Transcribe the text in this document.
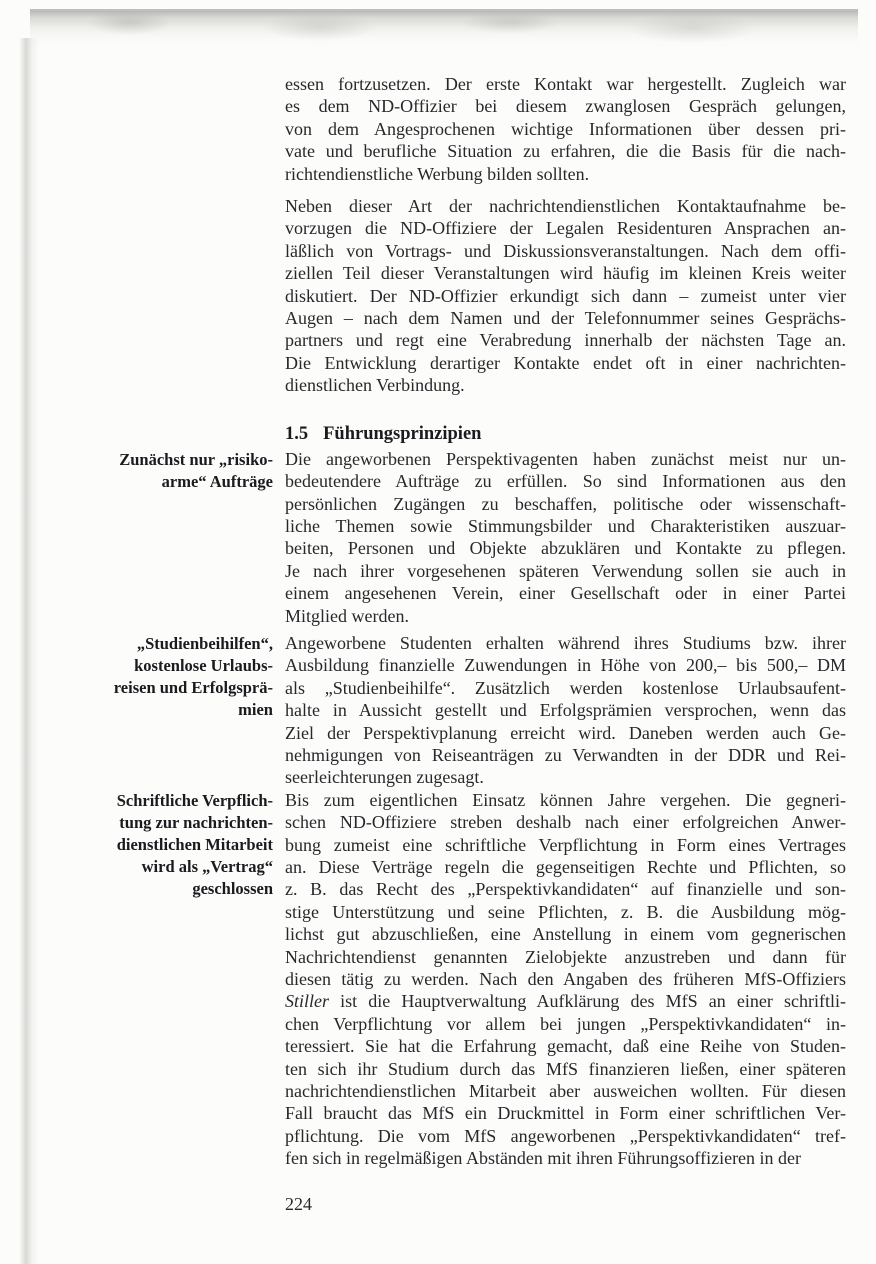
essen fortzusetzen. Der erste Kontakt war hergestellt. Zugleich war
es dem ND-Offizier bei diesem zwanglosen Gespräch gelungen,
von dem Angesprochenen wichtige Informationen über dessen pri-
vate und berufliche Situation zu erfahren, die die Basis für die nach-
richtendienstliche Werbung bilden sollten.
Neben dieser Art der nachrichtendienstlichen Kontaktaufnahme be-
vorzugen die ND-Offiziere der Legalen Residenturen Ansprachen an-
läßlich von Vortrags- und Diskussionsveranstaltungen. Nach dem offi-
ziellen Teil dieser Veranstaltungen wird häufig im kleinen Kreis weiter
diskutiert. Der ND-Offizier erkundigt sich dann – zumeist unter vier
Augen – nach dem Namen und der Telefonnummer seines Gesprächs-
partners und regt eine Verabredung innerhalb der nächsten Tage an.
Die Entwicklung derartiger Kontakte endet oft in einer nachrichten-
dienstlichen Verbindung.
1.5 Führungsprinzipien
Zunächst nur „risiko-
arme“ Aufträge
Die angeworbenen Perspektivagenten haben zunächst meist nur un-
bedeutendere Aufträge zu erfüllen. So sind Informationen aus den
persönlichen Zugängen zu beschaffen, politische oder wissenschaft-
liche Themen sowie Stimmungsbilder und Charakteristiken auszuar-
beiten, Personen und Objekte abzuklären und Kontakte zu pflegen.
Je nach ihrer vorgesehenen späteren Verwendung sollen sie auch in
einem angesehenen Verein, einer Gesellschaft oder in einer Partei
Mitglied werden.
„Studienbeihilfen“,
kostenlose Urlaubs-
reisen und Erfolgsprä-
mien
Angeworbene Studenten erhalten während ihres Studiums bzw. ihrer
Ausbildung finanzielle Zuwendungen in Höhe von 200,– bis 500,– DM
als „Studienbeihilfe“. Zusätzlich werden kostenlose Urlaubsaufent-
halte in Aussicht gestellt und Erfolgsprämien versprochen, wenn das
Ziel der Perspektivplanung erreicht wird. Daneben werden auch Ge-
nehmigungen von Reiseanträgen zu Verwandten in der DDR und Rei-
seerleichterungen zugesagt.
Schriftliche Verpflich-
tung zur nachrichten-
dienstlichen Mitarbeit
wird als „Vertrag“
geschlossen
Bis zum eigentlichen Einsatz können Jahre vergehen. Die gegneri-
schen ND-Offiziere streben deshalb nach einer erfolgreichen Anwer-
bung zumeist eine schriftliche Verpflichtung in Form eines Vertrages
an. Diese Verträge regeln die gegenseitigen Rechte und Pflichten, so
z. B. das Recht des „Perspektivkandidaten“ auf finanzielle und son-
stige Unterstützung und seine Pflichten, z. B. die Ausbildung mög-
lichst gut abzuschließen, eine Anstellung in einem vom gegnerischen
Nachrichtendienst genannten Zielobjekte anzustreben und dann für
diesen tätig zu werden. Nach den Angaben des früheren MfS-Offiziers
Stiller ist die Hauptverwaltung Aufklärung des MfS an einer schriftli-
chen Verpflichtung vor allem bei jungen „Perspektivkandidaten“ in-
teressiert. Sie hat die Erfahrung gemacht, daß eine Reihe von Studen-
ten sich ihr Studium durch das MfS finanzieren ließen, einer späteren
nachrichtendienstlichen Mitarbeit aber ausweichen wollten. Für diesen
Fall braucht das MfS ein Druckmittel in Form einer schriftlichen Ver-
pflichtung. Die vom MfS angeworbenen „Perspektivkandidaten“ tref-
fen sich in regelmäßigen Abständen mit ihren Führungsoffizieren in der
224
